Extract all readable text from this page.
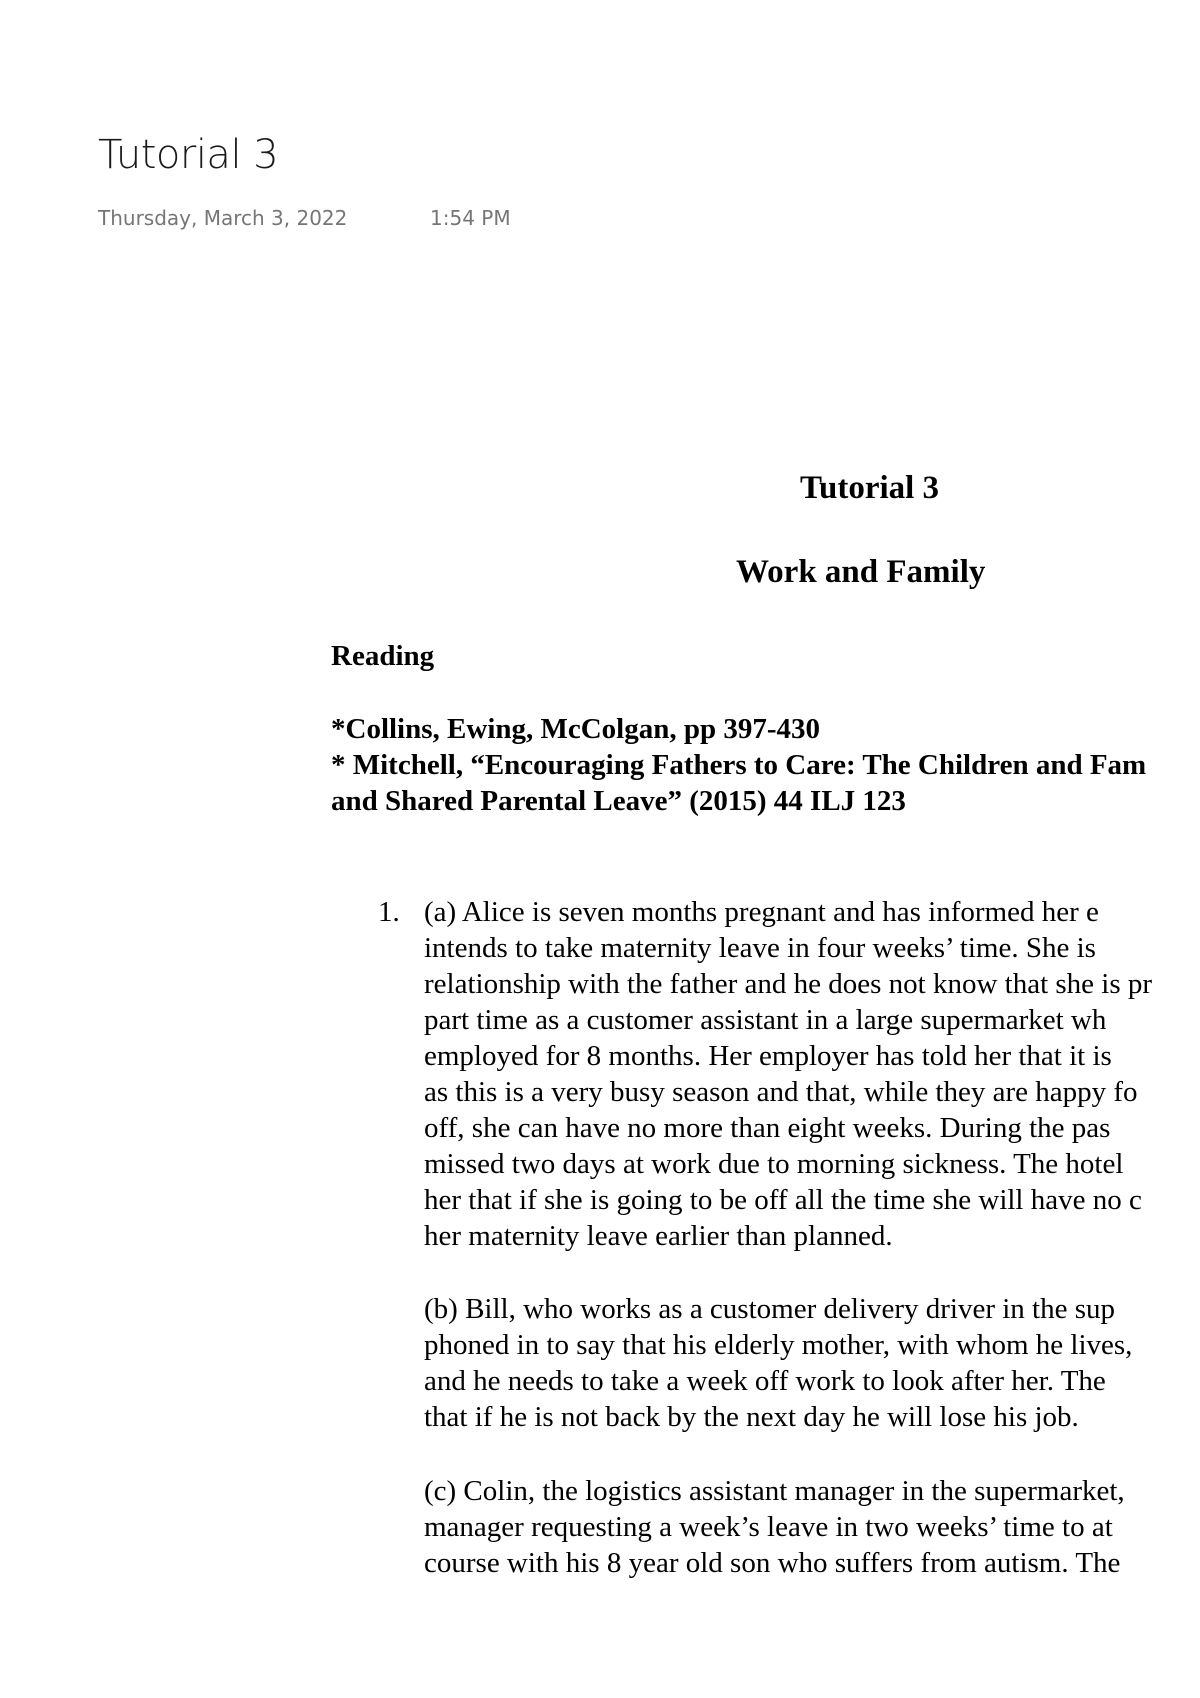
Tutorial 3
Thursday, March 3, 2022	1:54 PM
Tutorial 3
Work and Family
Reading
*Collins, Ewing, McColgan, pp 397-430
* Mitchell, “Encouraging Fathers to Care: The Children and Fam
and Shared Parental Leave” (2015) 44 ILJ 123
1. (a) Alice is seven months pregnant and has informed her e
intends to take maternity leave in four weeks’ time. She is
relationship with the father and he does not know that she is pr
part time as a customer assistant in a large supermarket wh
employed for 8 months. Her employer has told her that it is
as this is a very busy season and that, while they are happy fo
off, she can have no more than eight weeks. During the pas
missed two days at work due to morning sickness. The hotel
her that if she is going to be off all the time she will have no c
her maternity leave earlier than planned.
(b) Bill, who works as a customer delivery driver in the sup
phoned in to say that his elderly mother, with whom he lives,
and he needs to take a week off work to look after her. The
that if he is not back by the next day he will lose his job.
(c) Colin, the logistics assistant manager in the supermarket,
manager requesting a week’s leave in two weeks’ time to at
course with his 8 year old son who suffers from autism. The
